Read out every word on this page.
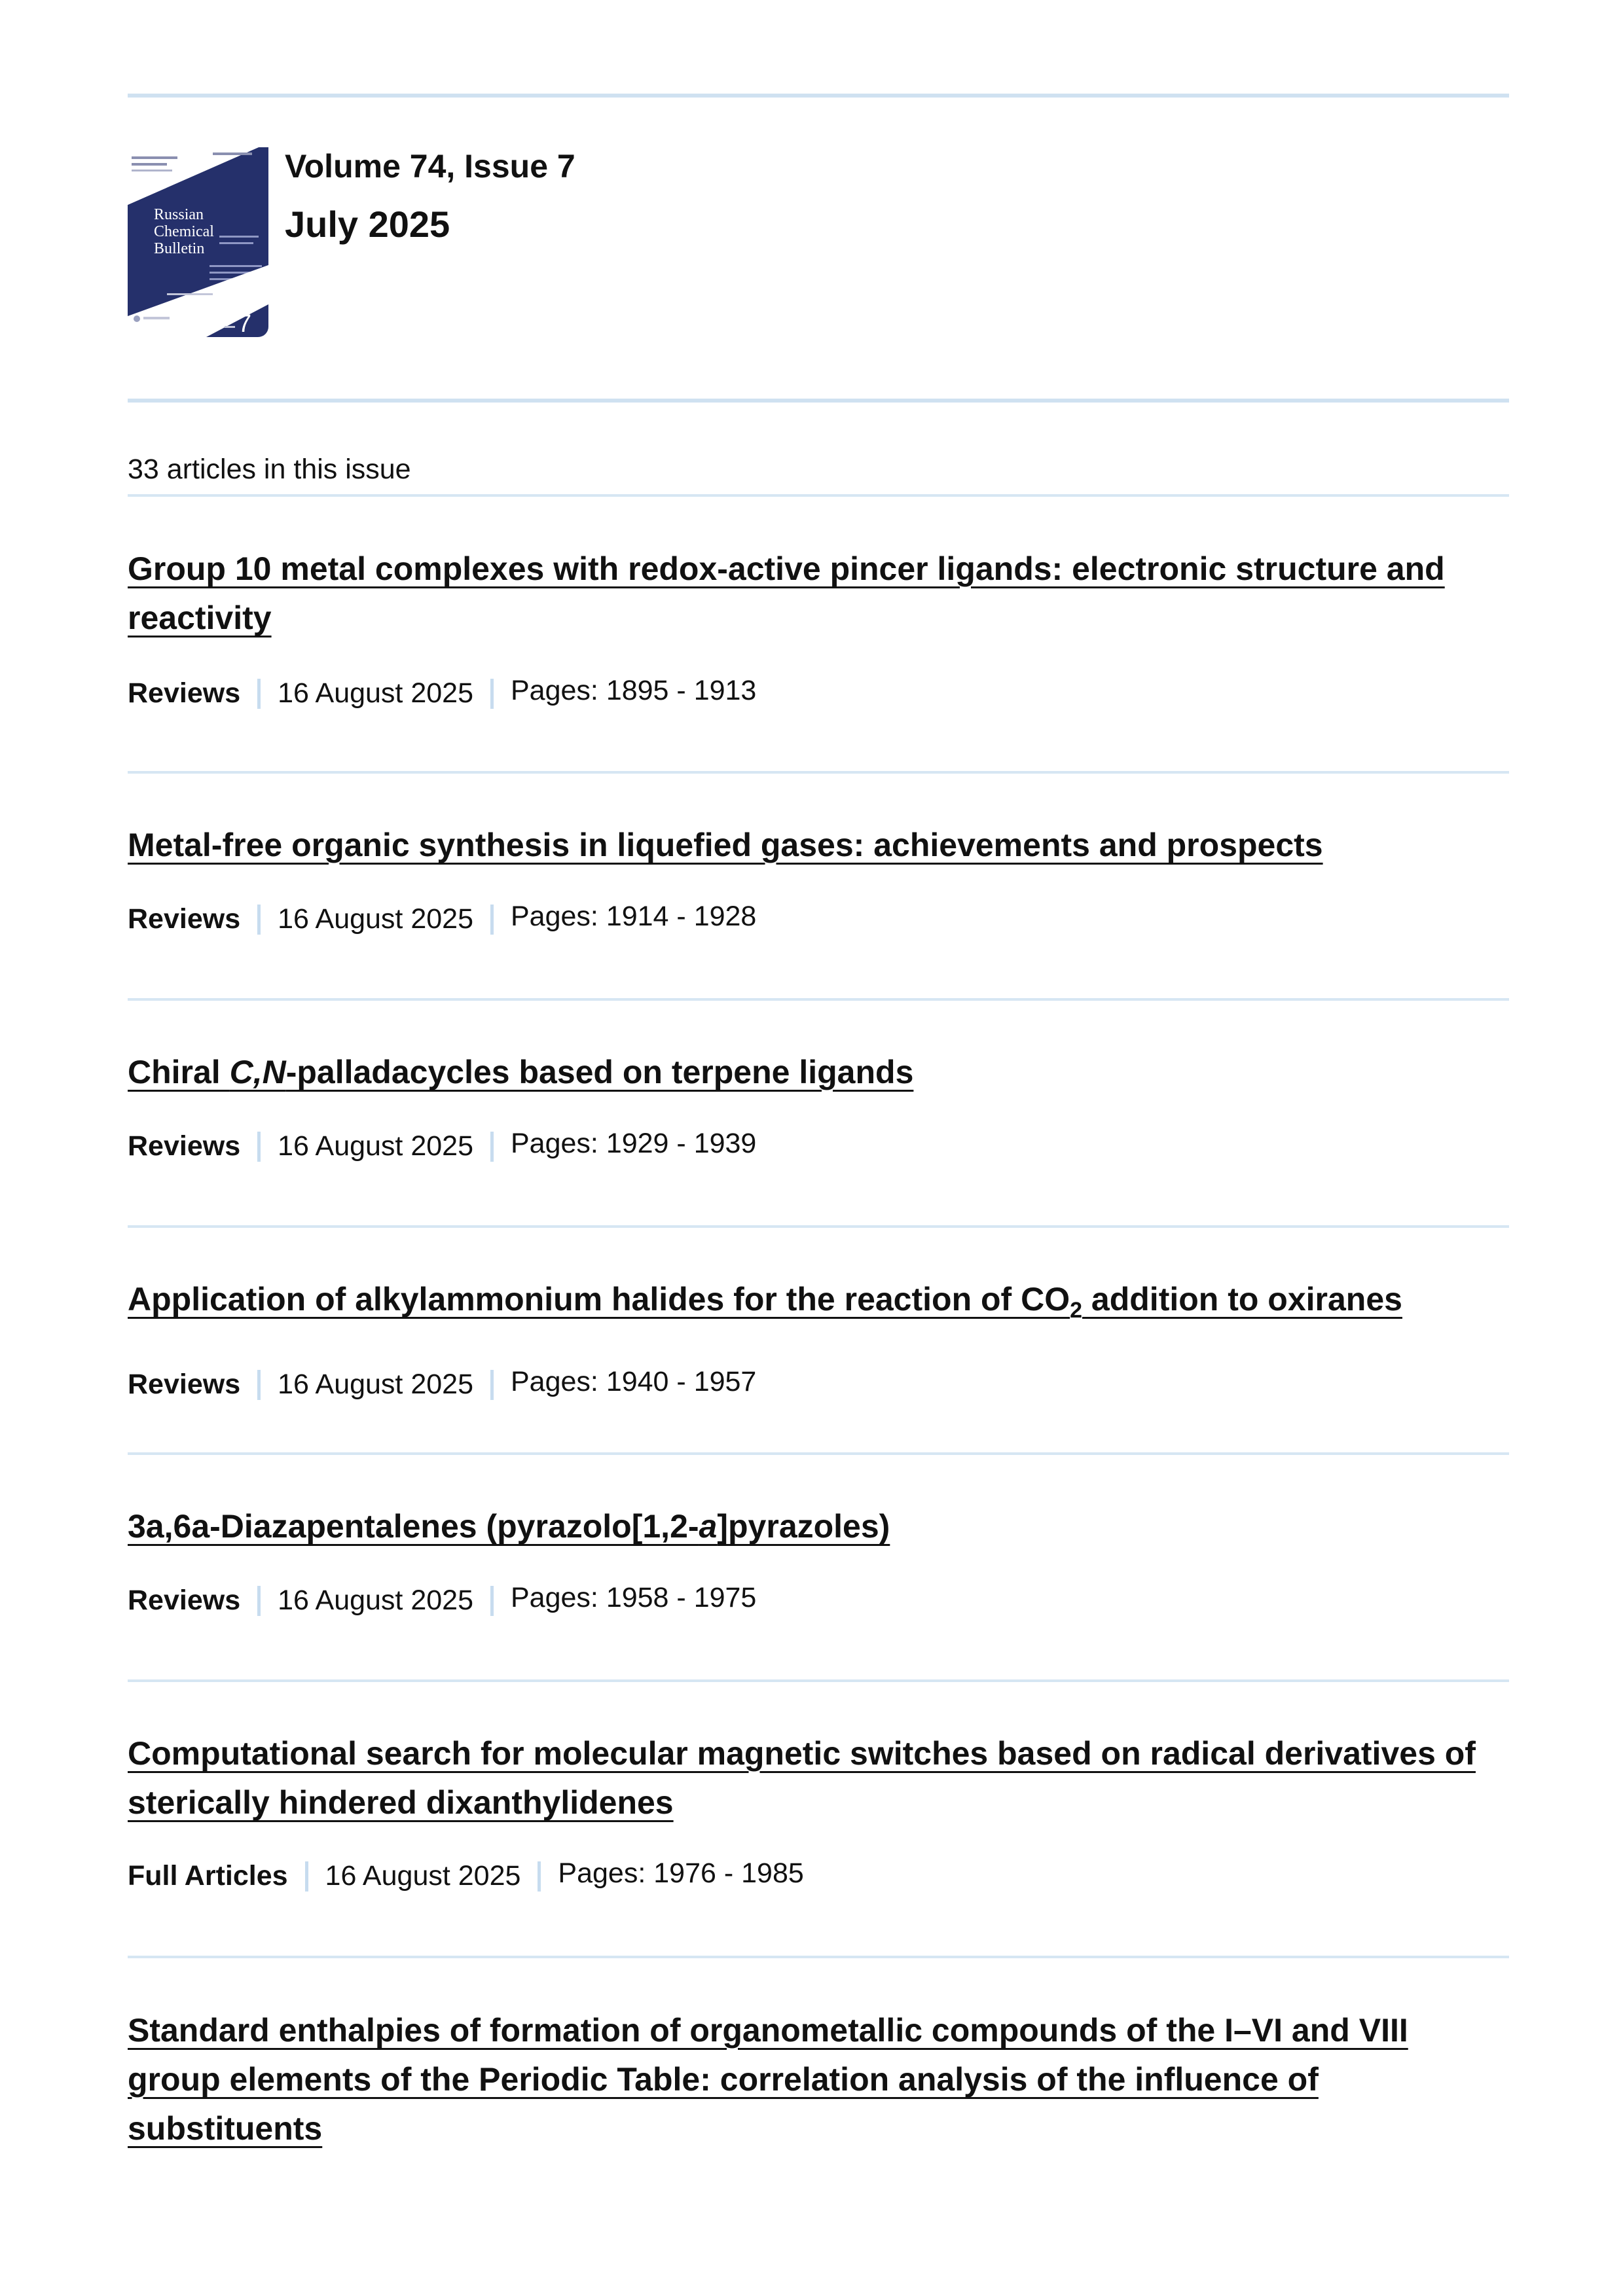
Russian
Chemical
Bulletin
7
Volume 74, Issue 7
July 2025
33 articles in this issue
Group 10 metal complexes with redox-active pincer ligands: electronic structure and reactivity
Reviews 16 August 2025 Pages: 1895 - 1913
Metal-free organic synthesis in liquefied gases: achievements and prospects
Reviews 16 August 2025 Pages: 1914 - 1928
Chiral C,N-palladacycles based on terpene ligands
Reviews 16 August 2025 Pages: 1929 - 1939
Application of alkylammonium halides for the reaction of $CO_2$ addition to oxiranes
Reviews 16 August 2025 Pages: 1940 - 1957
3a,6a-Diazapentalenes (pyrazolo[1,2-a]pyrazoles)
Reviews 16 August 2025 Pages: 1958 - 1975
Computational search for molecular magnetic switches based on radical derivatives of sterically hindered dixanthylidenes
Full Articles 16 August 2025 Pages: 1976 - 1985
Standard enthalpies of formation of organometallic compounds of the I–VI and VIII group elements of the Periodic Table: correlation analysis of the influence of substituents
